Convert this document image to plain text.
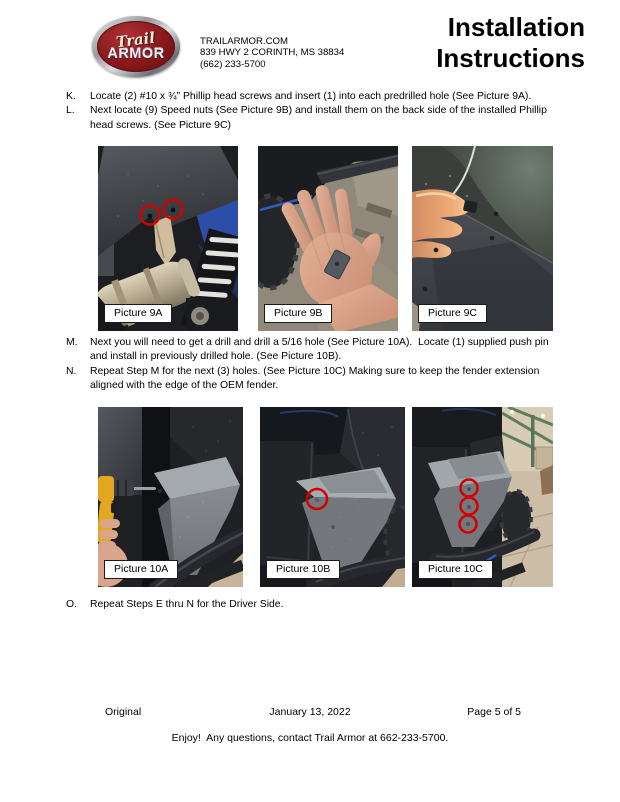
Trail
ARMOR
TRAILARMOR.COM
839 HWY 2 CORINTH, MS 38834
(662) 233-5700
Installation
Instructions
K.	Locate (2) #10 x ¾” Phillip head screws and insert (1) into each predrilled hole (See Picture 9A).
L.	Next locate (9) Speed nuts (See Picture 9B) and install them on the back side of the installed Phillip
head screws. (See Picture 9C)
Picture 9A	Picture 9B	Picture 9C
M.	Next you will need to get a drill and drill a 5/16 hole (See Picture 10A).  Locate (1) supplied push pin
and install in previously drilled hole. (See Picture 10B).
N.	Repeat Step M for the next (3) holes. (See Picture 10C) Making sure to keep the fender extension
aligned with the edge of the OEM fender.
Picture 10A	Picture 10B	Picture 10C
O.	Repeat Steps E thru N for the Driver Side.
Original	January 13, 2022	Page 5 of 5
Enjoy!  Any questions, contact Trail Armor at 662-233-5700.
